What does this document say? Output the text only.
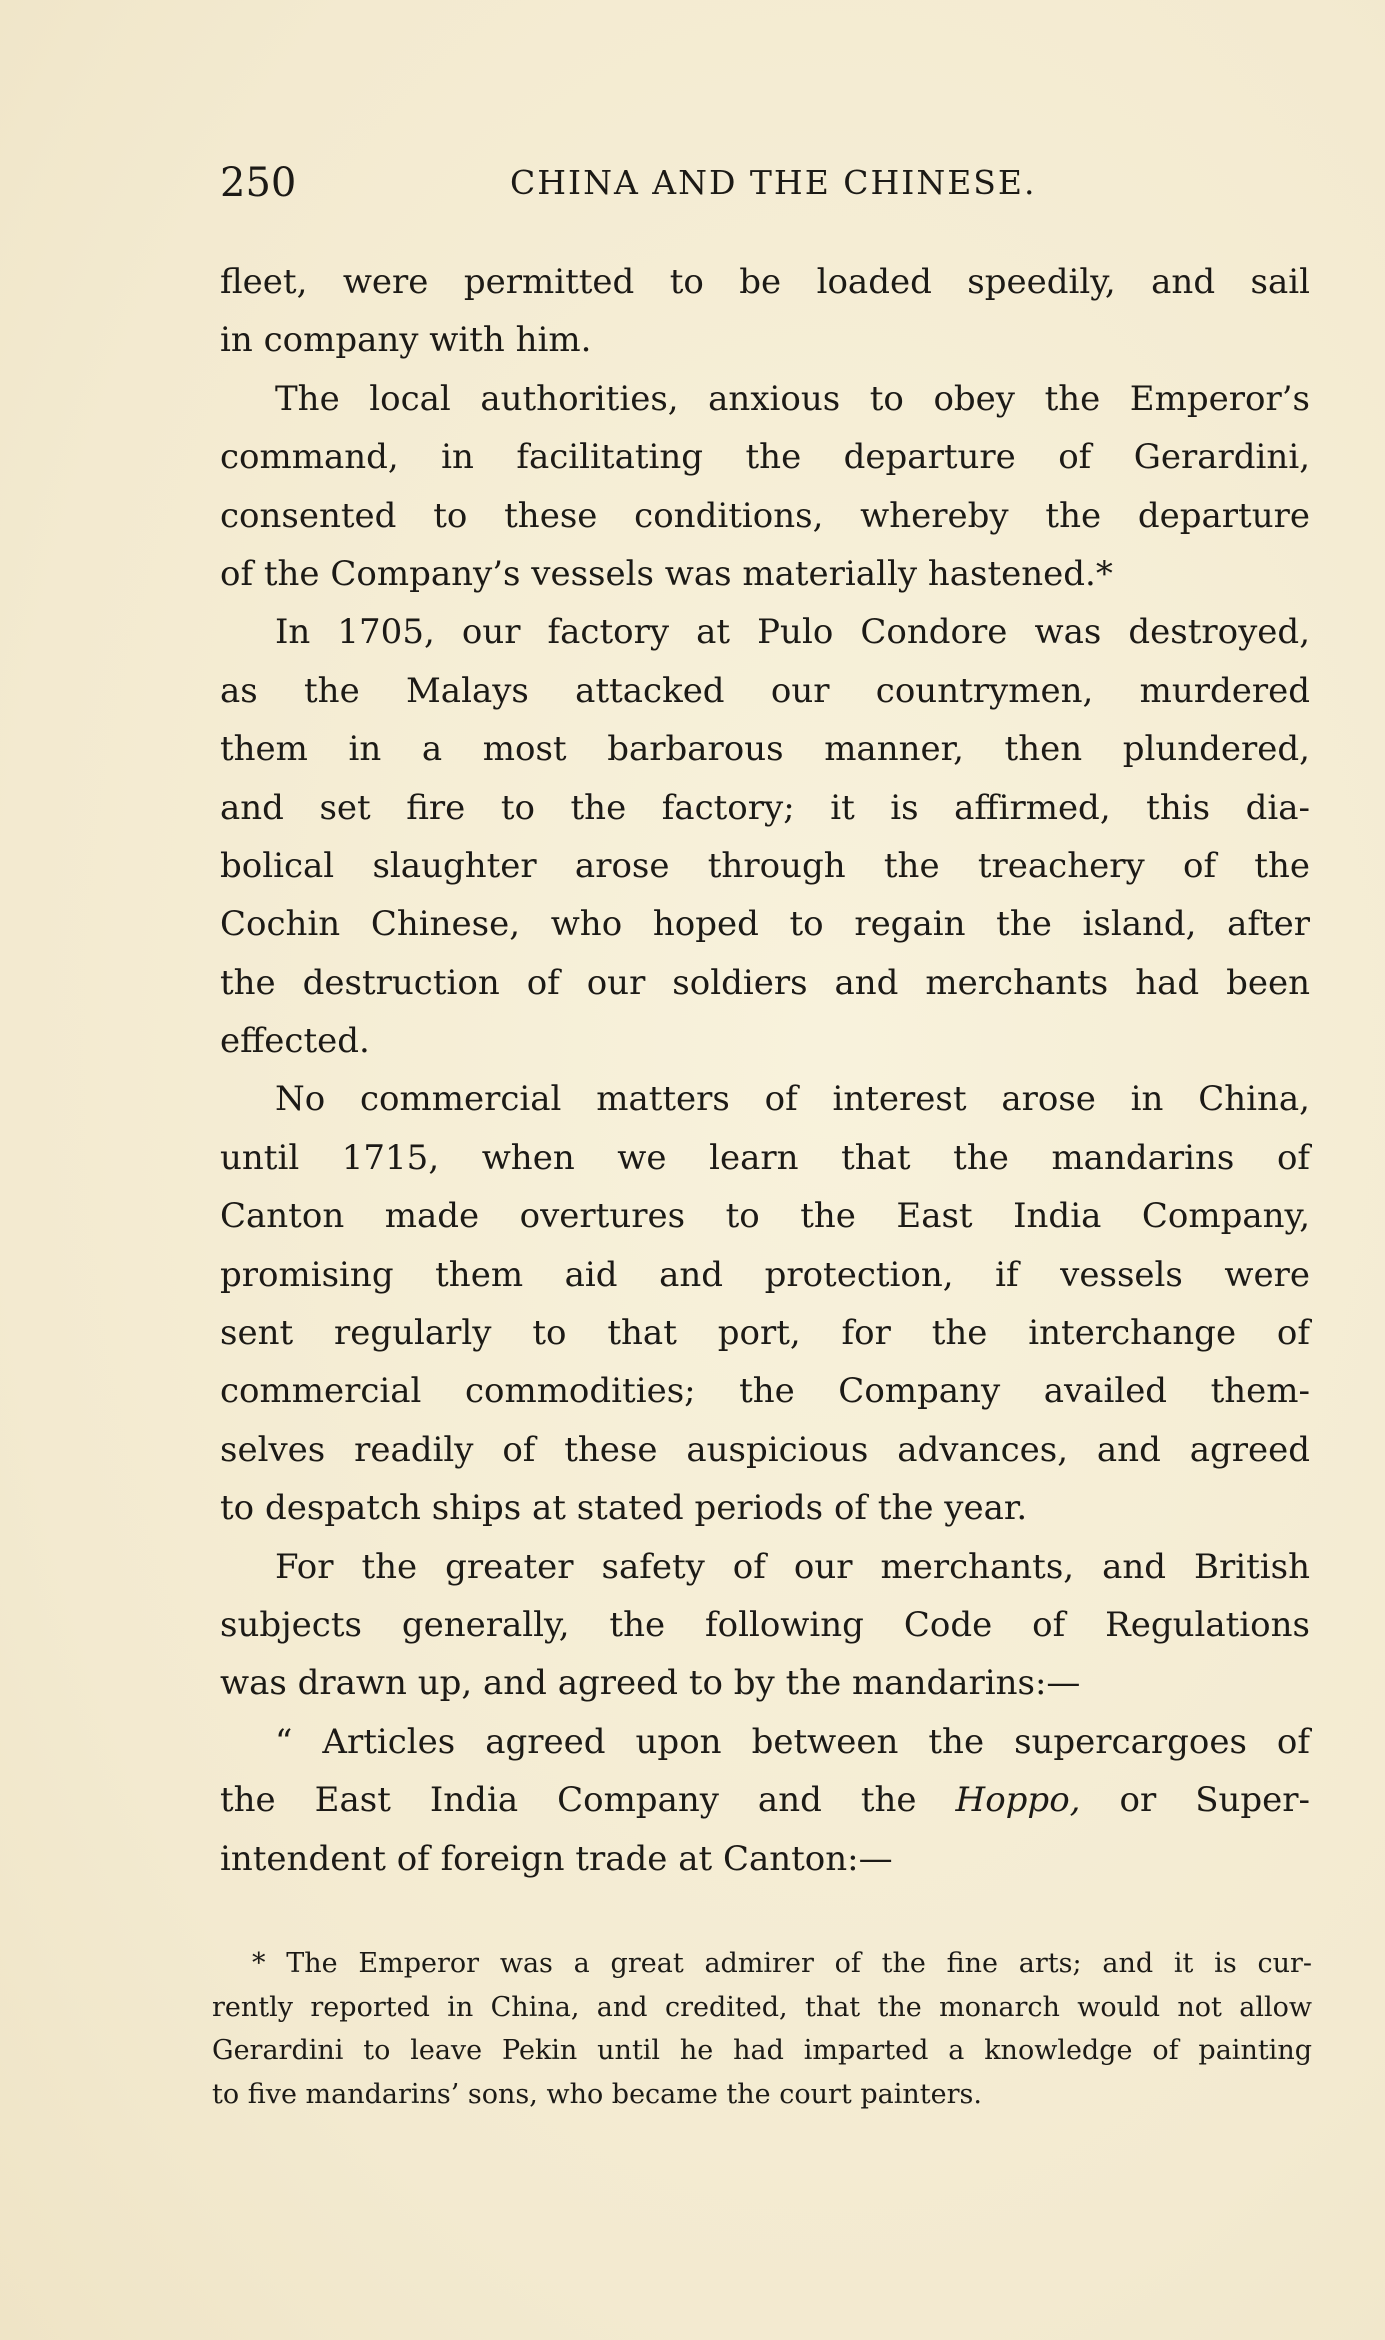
250	CHINA AND THE CHINESE.
fleet, were permitted to be loaded speedily, and sail
in company with him.
The local authorities, anxious to obey the Emperor’s
command, in facilitating the departure of Gerardini,
consented to these conditions, whereby the departure
of the Company’s vessels was materially hastened.*
In 1705, our factory at Pulo Condore was destroyed,
as the Malays attacked our countrymen, murdered
them in a most barbarous manner, then plundered,
and set fire to the factory; it is affirmed, this dia-
bolical slaughter arose through the treachery of the
Cochin Chinese, who hoped to regain the island, after
the destruction of our soldiers and merchants had been
effected.
No commercial matters of interest arose in China,
until 1715, when we learn that the mandarins of
Canton made overtures to the East India Company,
promising them aid and protection, if vessels were
sent regularly to that port, for the interchange of
commercial commodities; the Company availed them-
selves readily of these auspicious advances, and agreed
to despatch ships at stated periods of the year.
For the greater safety of our merchants, and British
subjects generally, the following Code of Regulations
was drawn up, and agreed to by the mandarins:—
“ Articles agreed upon between the supercargoes of
the East India Company and the Hoppo, or Super-
intendent of foreign trade at Canton:—
* The Emperor was a great admirer of the fine arts; and it is cur-
rently reported in China, and credited, that the monarch would not allow
Gerardini to leave Pekin until he had imparted a knowledge of painting
to five mandarins’ sons, who became the court painters.
